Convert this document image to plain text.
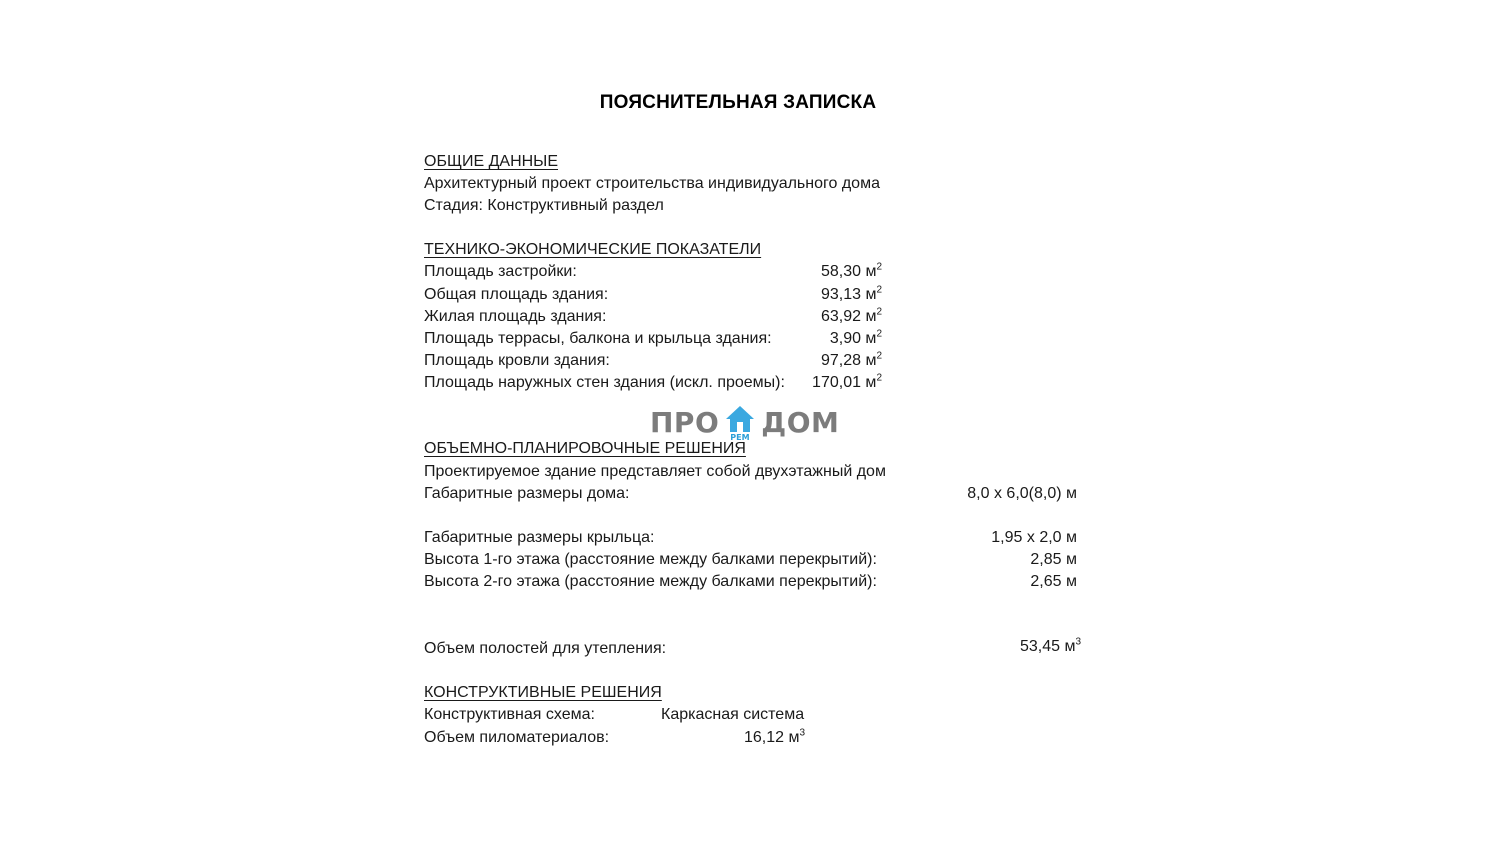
ПОЯСНИТЕЛЬНАЯ ЗАПИСКА
ОБЩИЕ ДАННЫЕ
Архитектурный проект строительства индивидуального дома
Стадия: Конструктивный раздел
ТЕХНИКО-ЭКОНОМИЧЕСКИЕ ПОКАЗАТЕЛИ
Площадь застройки:	58,30 $м^2$
Общая площадь здания:	93,13 $м^2$
Жилая площадь здания:	63,92 $м^2$
Площадь террасы, балкона и крыльца здания:	3,90 $м^2$
Площадь кровли здания:	97,28 $м^2$
Площадь наружных стен здания (искл. проемы): 170,01 $м^2$
ПРО РЕМ ДОМ
ОБЪЕМНО-ПЛАНИРОВОЧНЫЕ РЕШЕНИЯ
Проектируемое здание представляет собой двухэтажный дом
Габаритные размеры дома:	8,0 х 6,0(8,0) м
Габаритные размеры крыльца:	1,95 х 2,0 м
Высота 1-го этажа (расстояние между балками перекрытий):	2,85 м
Высота 2-го этажа (расстояние между балками перекрытий):	2,65 м
Объем полостей для утепления:	53,45 $м^3$
КОНСТРУКТИВНЫЕ РЕШЕНИЯ
Конструктивная схема:	Каркасная система
Объем пиломатериалов:	16,12 $м^3$
